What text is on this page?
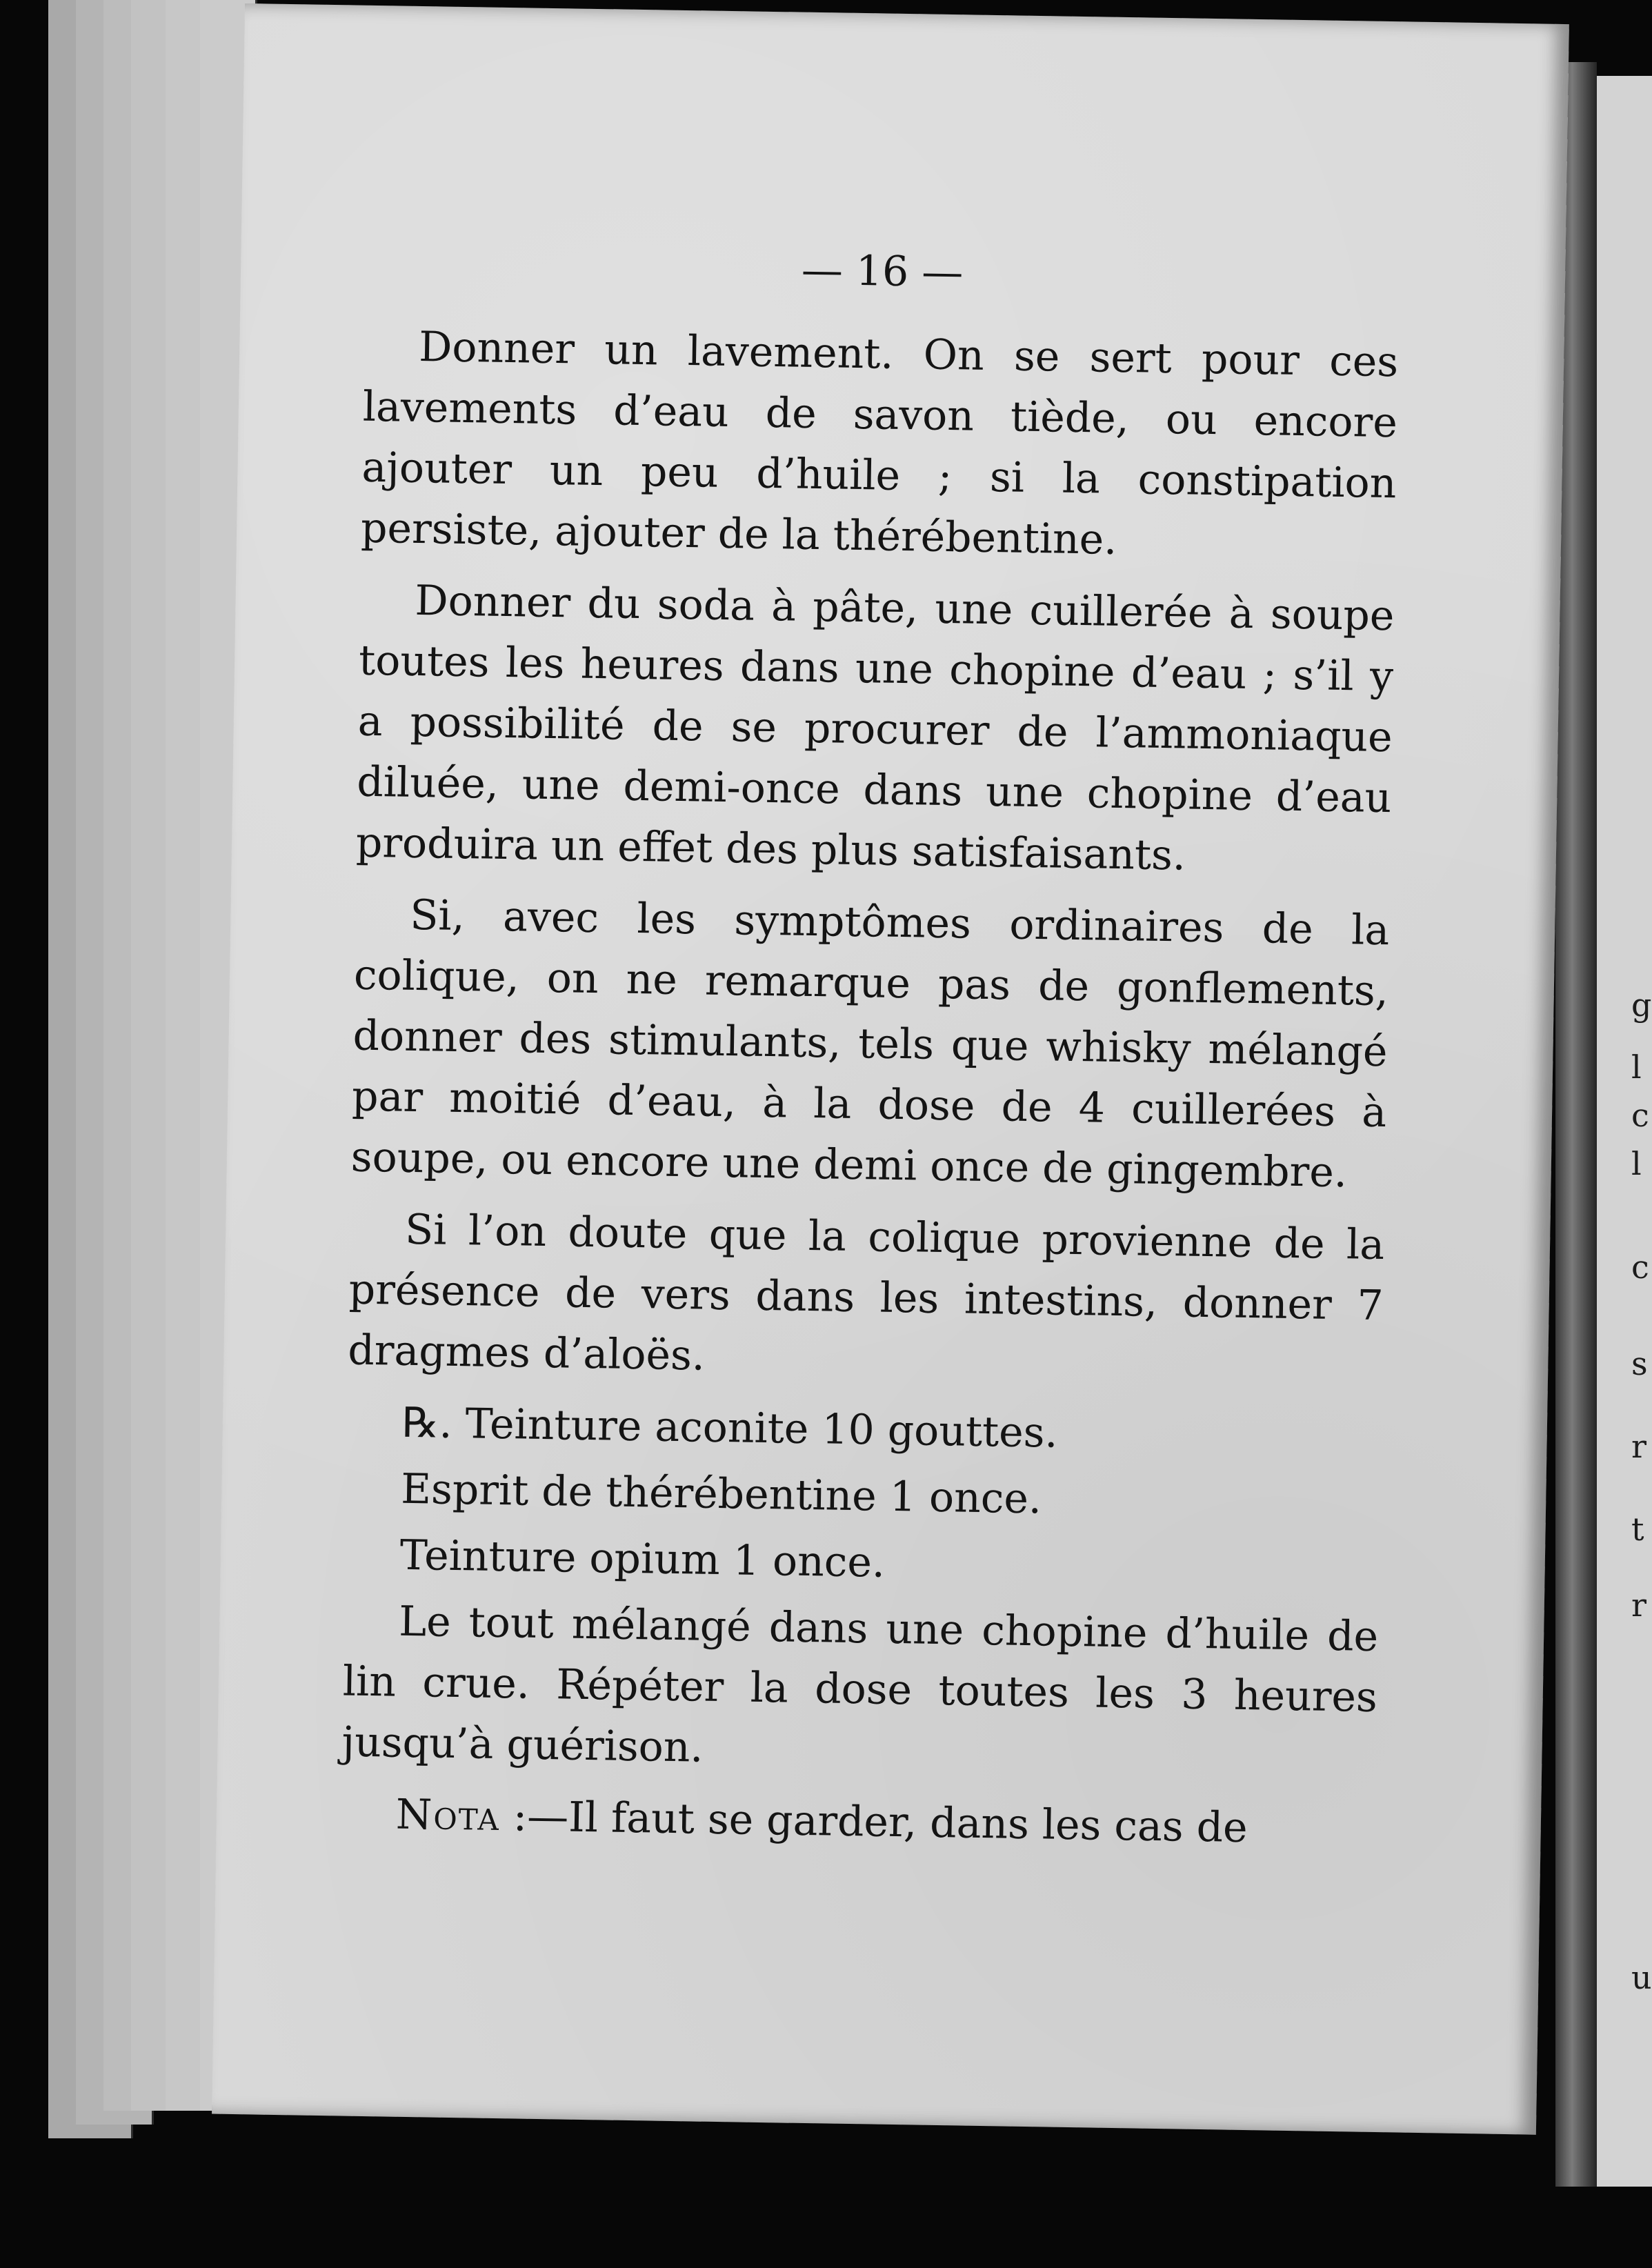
g
l
c
l
c
s
r
t
r
u
— 16 —

Donner un lavement. On se sert pour ces lavements d’eau de savon tiède, ou encore ajouter un peu d’huile ; si la constipation persiste, ajouter de la thérébentine.

Donner du soda à pâte, une cuillerée à soupe toutes les heures dans une chopine d’eau ; s’il y a possibilité de se procurer de l’ammoniaque diluée, une demi-once dans une chopine d’eau produira un effet des plus satisfaisants.

Si, avec les symptômes ordinaires de la colique, on ne remarque pas de gonflements, donner des stimulants, tels que whisky mélangé par moitié d’eau, à la dose de 4 cuillerées à soupe, ou encore une demi once de gingembre.

Si l’on doute que la colique provienne de la présence de vers dans les intestins, donner 7 dragmes d’aloës.

℞. Teinture aconite 10 gouttes.

Esprit de thérébentine 1 once.

Teinture opium 1 once.

Le tout mélangé dans une chopine d’huile de lin crue. Répéter la dose toutes les 3 heures jusqu’à guérison.

Nota :—Il faut se garder, dans les cas de
